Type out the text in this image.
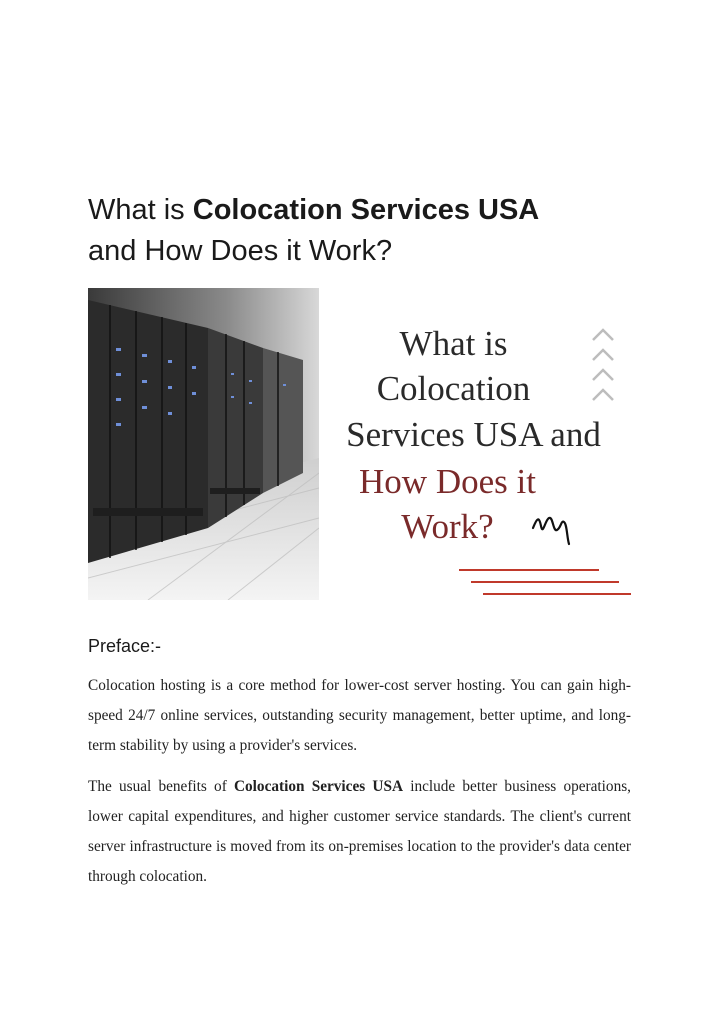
What is Colocation Services USA
and How Does it Work?
What is
Colocation
Services USA and
How Does it
Work?
Preface:-

Colocation hosting is a core method for lower-cost server hosting. You can gain high-speed 24/7 online services, outstanding security management, better uptime, and long-term stability by using a provider's services.

The usual benefits of Colocation Services USA include better business operations, lower capital expenditures, and higher customer service standards. The client's current server infrastructure is moved from its on-premises location to the provider's data center through colocation.
